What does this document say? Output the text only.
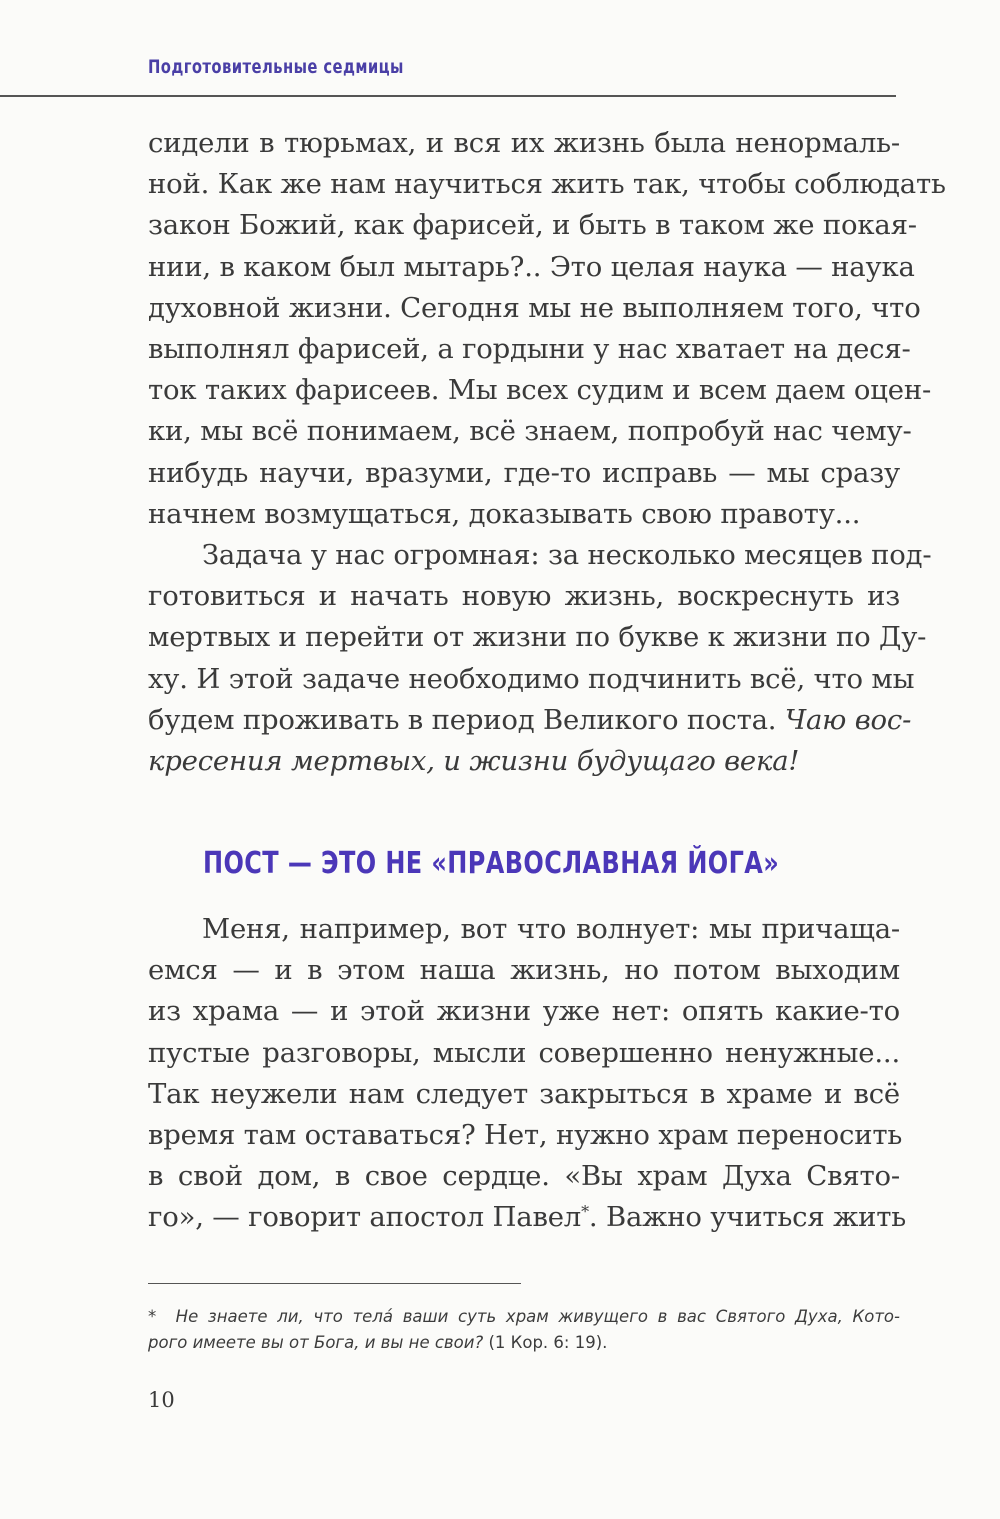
Подготовительные седмицы
сидели в тюрьмах, и вся их жизнь была ненормаль-
ной. Как же нам научиться жить так, чтобы соблюдать
закон Божий, как фарисей, и быть в таком же покая-
нии, в каком был мытарь?.. Это целая наука — наука
духовной жизни. Сегодня мы не выполняем того, что
выполнял фарисей, а гордыни у нас хватает на деся-
ток таких фарисеев. Мы всех судим и всем даем оцен-
ки, мы всё понимаем, всё знаем, попробуй нас чему-
нибудь научи, вразуми, где-то исправь — мы сразу
начнем возмущаться, доказывать свою правоту...
Задача у нас огромная: за несколько месяцев под-
готовиться и начать новую жизнь, воскреснуть из
мертвых и перейти от жизни по букве к жизни по Ду-
ху. И этой задаче необходимо подчинить всё, что мы
будем проживать в период Великого поста. Чаю вос-
кресения мертвых, и жизни будущаго века!
ПОСТ — ЭТО НЕ «ПРАВОСЛАВНАЯ ЙОГА»
Меня, например, вот что волнует: мы причаща-
емся — и в этом наша жизнь, но потом выходим
из храма — и этой жизни уже нет: опять какие-то
пустые разговоры, мысли совершенно ненужные...
Так неужели нам следует закрыться в храме и всё
время там оставаться? Нет, нужно храм переносить
в свой дом, в свое сердце. «Вы храм Духа Свято-
го», — говорит апостол Павел*. Важно учиться жить
* Не знаете ли, что телá ваши суть храм живущего в вас Святого Духа, Кото-
рого имеете вы от Бога, и вы не свои? (1 Кор. 6: 19).
10
